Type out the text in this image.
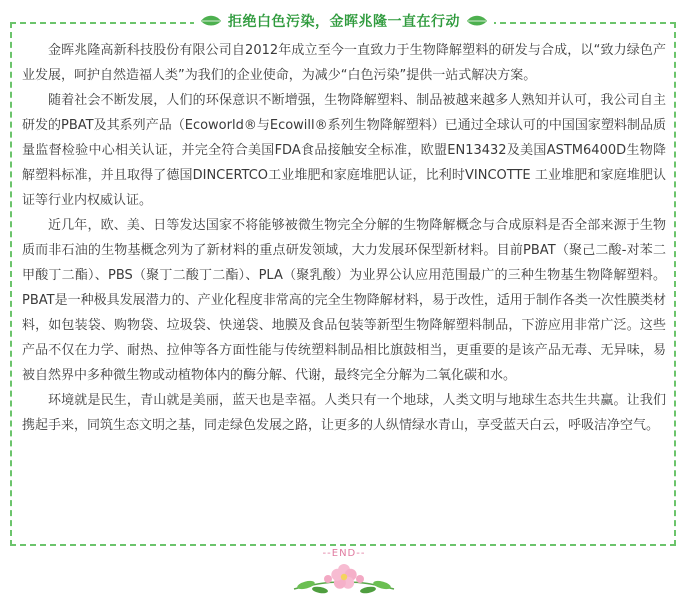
拒绝白色污染，金晖兆隆一直在行动

金晖兆隆高新科技股份有限公司自2012年成立至今一直致力于生物降解塑料的研发与合成，以“致力绿色产业发展，呵护自然造福人类”为我们的企业使命，为减少“白色污染”提供一站式解决方案。

随着社会不断发展，人们的环保意识不断增强，生物降解塑料、制品被越来越多人熟知并认可，我公司自主研发的PBAT及其系列产品（Ecoworld®与Ecowill®系列生物降解塑料）已通过全球认可的中国国家塑料制品质量监督检验中心相关认证，并完全符合美国FDA食品接触安全标准，欧盟EN13432及美国ASTM6400D生物降解塑料标准，并且取得了德国DINCERTCO工业堆肥和家庭堆肥认证，比利时VINCOTTE 工业堆肥和家庭堆肥认证等行业内权威认证。

近几年，欧、美、日等发达国家不将能够被微生物完全分解的生物降解概念与合成原料是否全部来源于生物质而非石油的生物基概念列为了新材料的重点研发领域，大力发展环保型新材料。目前PBAT（聚己二酸-对苯二甲酸丁二酯）、PBS（聚丁二酸丁二酯）、PLA（聚乳酸）为业界公认应用范围最广的三种生物基生物降解塑料。PBAT是一种极具发展潜力的、产业化程度非常高的完全生物降解材料，易于改性，适用于制作各类一次性膜类材料，如包装袋、购物袋、垃圾袋、快递袋、地膜及食品包装等新型生物降解塑料制品，下游应用非常广泛。这些产品不仅在力学、耐热、拉伸等各方面性能与传统塑料制品相比旗鼓相当，更重要的是该产品无毒、无异味，易被自然界中多种微生物或动植物体内的酶分解、代谢，最终完全分解为二氧化碳和水。

环境就是民生，青山就是美丽，蓝天也是幸福。人类只有一个地球，人类文明与地球生态共生共赢。让我们携起手来，同筑生态文明之基，同走绿色发展之路，让更多的人纵情绿水青山，享受蓝天白云，呼吸洁净空气。

--END--
